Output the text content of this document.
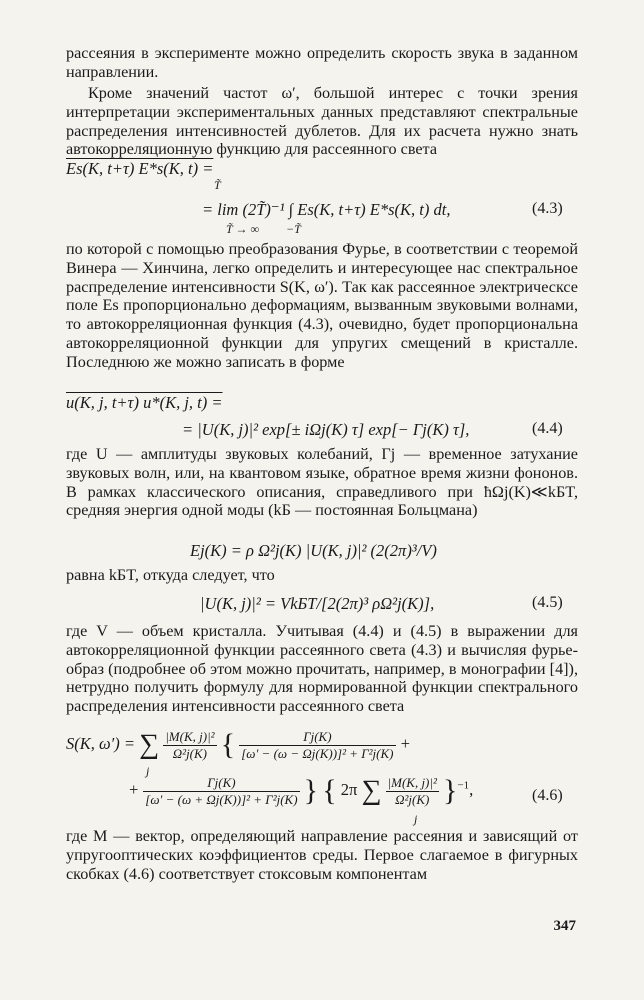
рассеяния в эксперименте можно определить скорость звука в заданном направлении.

Кроме значений частот ω′, большой интерес с точки зрения интерпретации экспериментальных данных представляют спектральные распределения интенсивностей дублетов. Для их расчета нужно знать автокорреляционную функцию для рассеянного света

Es(K, t+τ) E*s(K, t) =
T̃
= lim (2T̃)⁻¹ ∫ Es(K, t+τ) E*s(K, t) dt,
T̃ → ∞ −T̃
(4.3)

по которой с помощью преобразования Фурье, в соответствии с теоремой Винера — Хинчина, легко определить и интересующее нас спектральное распределение интенсивности S(K, ω′). Так как рассеянное электрическсе поле Es пропорционально деформациям, вызванным звуковыми волнами, то автокорреляционная функция (4.3), очевидно, будет пропорциональна автокорреляционной функции для упругих смещений в кристалле. Последнюю же можно записать в форме

u(K, j, t+τ) u*(K, j, t) =
= |U(K, j)|² exp[± iΩj(K) τ] exp[− Γj(K) τ],	(4.4)

где U — амплитуды звуковых колебаний, Γj — временное затухание звуковых волн, или, на квантовом языке, обратное время жизни фононов. В рамках классического описания, справедливого при ħΩj(K)≪kБT, средняя энергия одной моды (kБ — постоянная Больцмана)

Ej(K) = ρ Ω²j(K) |U(K, j)|² (2(2π)³/V)

равна kБT, откуда следует, что

|U(K, j)|² = VkБT/[2(2π)³ ρΩ²j(K)],	(4.5)

где V — объем кристалла. Учитывая (4.4) и (4.5) в выражении для автокорреляционной функции рассеянного света (4.3) и вычисляя фурье-образ (подробнее об этом можно прочитать, например, в монографии [4]), нетрудно получить формулу для нормированной функции спектрального распределения интенсивности рассеянного света

S(K, ω′) = ∑ $\frac{\text{|M(K, j)|²}}{\text{Ω²j(K)}}$ { $\frac{\Gamma j(K)}{\text{[ω′ − (ω − Ωj(K))]² + Γ²j(K)}}$ +
j
+ $\frac{\Gamma j(K)}{\text{[ω′ − (ω + Ωj(K))]² + Γ²j(K)}}$ } { 2π ∑ $\frac{\text{|M(K, j)|²}}{\text{Ω²j(K)}} \}^{-1}$,
j
(4.6)

где M — вектор, определяющий направление рассеяния и зависящий от упругооптических коэффициентов среды. Первое слагаемое в фигурных скобках (4.6) соответствует стоксовым компонентам

347
